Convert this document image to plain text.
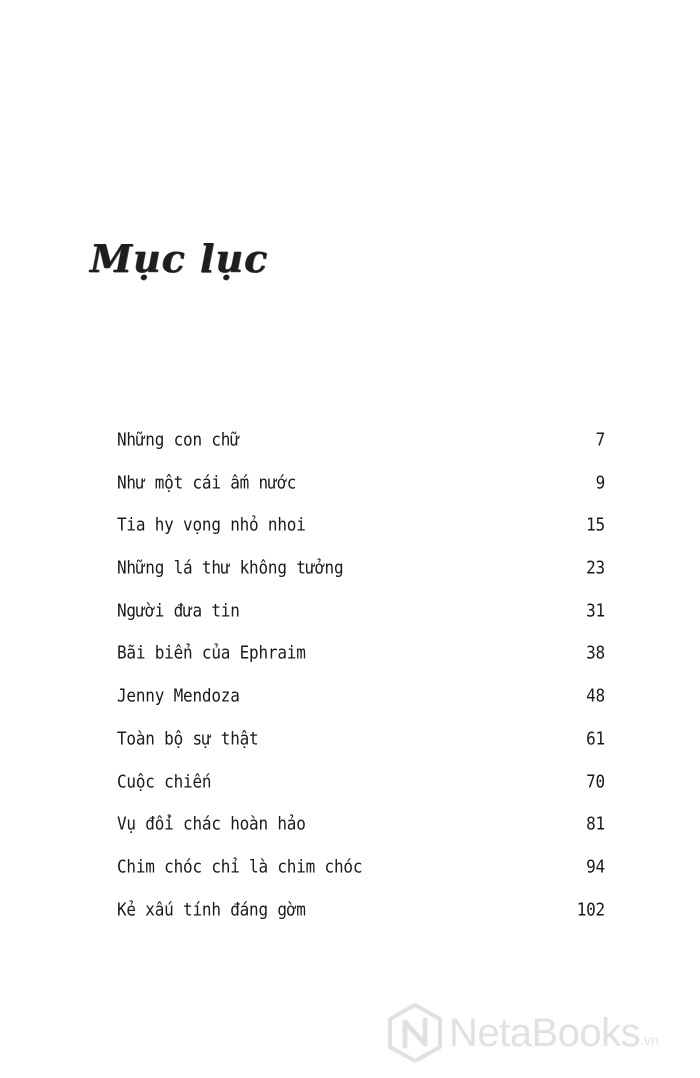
Mục lục
Những con chữ	7
Như một cái ấm nước	9
Tia hy vọng nhỏ nhoi	15
Những lá thư không tưởng	23
Người đưa tin	31
Bãi biển của Ephraim	38
Jenny Mendoza	48
Toàn bộ sự thật	61
Cuộc chiến	70
Vụ đổi chác hoàn hảo	81
Chim chóc chỉ là chim chóc	94
Kẻ xấu tính đáng gờm	102
NetaBooks .vn
